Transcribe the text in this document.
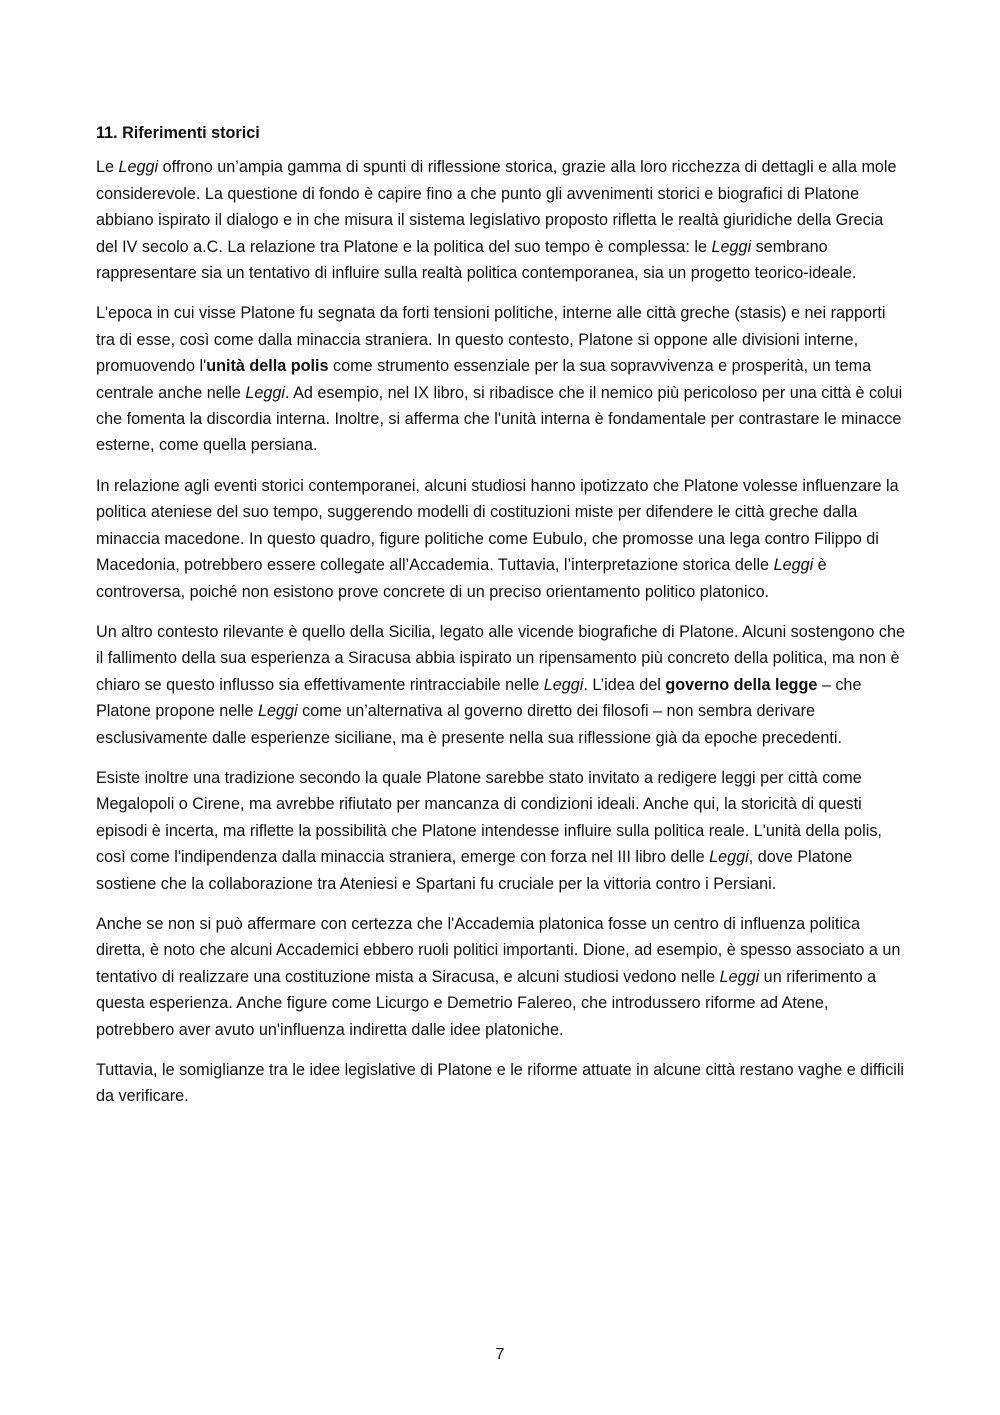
11. Riferimenti storici

Le Leggi offrono un’ampia gamma di spunti di riflessione storica, grazie alla loro ricchezza di dettagli e alla mole considerevole. La questione di fondo è capire fino a che punto gli avvenimenti storici e biografici di Platone abbiano ispirato il dialogo e in che misura il sistema legislativo proposto rifletta le realtà giuridiche della Grecia del IV secolo a.C. La relazione tra Platone e la politica del suo tempo è complessa: le Leggi sembrano rappresentare sia un tentativo di influire sulla realtà politica contemporanea, sia un progetto teorico-ideale.

L'epoca in cui visse Platone fu segnata da forti tensioni politiche, interne alle città greche (stasis) e nei rapporti tra di esse, così come dalla minaccia straniera. In questo contesto, Platone si oppone alle divisioni interne, promuovendo l'unità della polis come strumento essenziale per la sua sopravvivenza e prosperità, un tema centrale anche nelle Leggi. Ad esempio, nel IX libro, si ribadisce che il nemico più pericoloso per una città è colui che fomenta la discordia interna. Inoltre, si afferma che l'unità interna è fondamentale per contrastare le minacce esterne, come quella persiana.

In relazione agli eventi storici contemporanei, alcuni studiosi hanno ipotizzato che Platone volesse influenzare la politica ateniese del suo tempo, suggerendo modelli di costituzioni miste per difendere le città greche dalla minaccia macedone. In questo quadro, figure politiche come Eubulo, che promosse una lega contro Filippo di Macedonia, potrebbero essere collegate all’Accademia. Tuttavia, l’interpretazione storica delle Leggi è controversa, poiché non esistono prove concrete di un preciso orientamento politico platonico.

Un altro contesto rilevante è quello della Sicilia, legato alle vicende biografiche di Platone. Alcuni sostengono che il fallimento della sua esperienza a Siracusa abbia ispirato un ripensamento più concreto della politica, ma non è chiaro se questo influsso sia effettivamente rintracciabile nelle Leggi. L’idea del governo della legge – che Platone propone nelle Leggi come un’alternativa al governo diretto dei filosofi – non sembra derivare esclusivamente dalle esperienze siciliane, ma è presente nella sua riflessione già da epoche precedenti.

Esiste inoltre una tradizione secondo la quale Platone sarebbe stato invitato a redigere leggi per città come Megalopoli o Cirene, ma avrebbe rifiutato per mancanza di condizioni ideali. Anche qui, la storicità di questi episodi è incerta, ma riflette la possibilità che Platone intendesse influire sulla politica reale. L'unità della polis, così come l'indipendenza dalla minaccia straniera, emerge con forza nel III libro delle Leggi, dove Platone sostiene che la collaborazione tra Ateniesi e Spartani fu cruciale per la vittoria contro i Persiani.

Anche se non si può affermare con certezza che l'Accademia platonica fosse un centro di influenza politica diretta, è noto che alcuni Accademici ebbero ruoli politici importanti. Dione, ad esempio, è spesso associato a un tentativo di realizzare una costituzione mista a Siracusa, e alcuni studiosi vedono nelle Leggi un riferimento a questa esperienza. Anche figure come Licurgo e Demetrio Falereo, che introdussero riforme ad Atene, potrebbero aver avuto un'influenza indiretta dalle idee platoniche.

Tuttavia, le somiglianze tra le idee legislative di Platone e le riforme attuate in alcune città restano vaghe e difficili da verificare.

7
